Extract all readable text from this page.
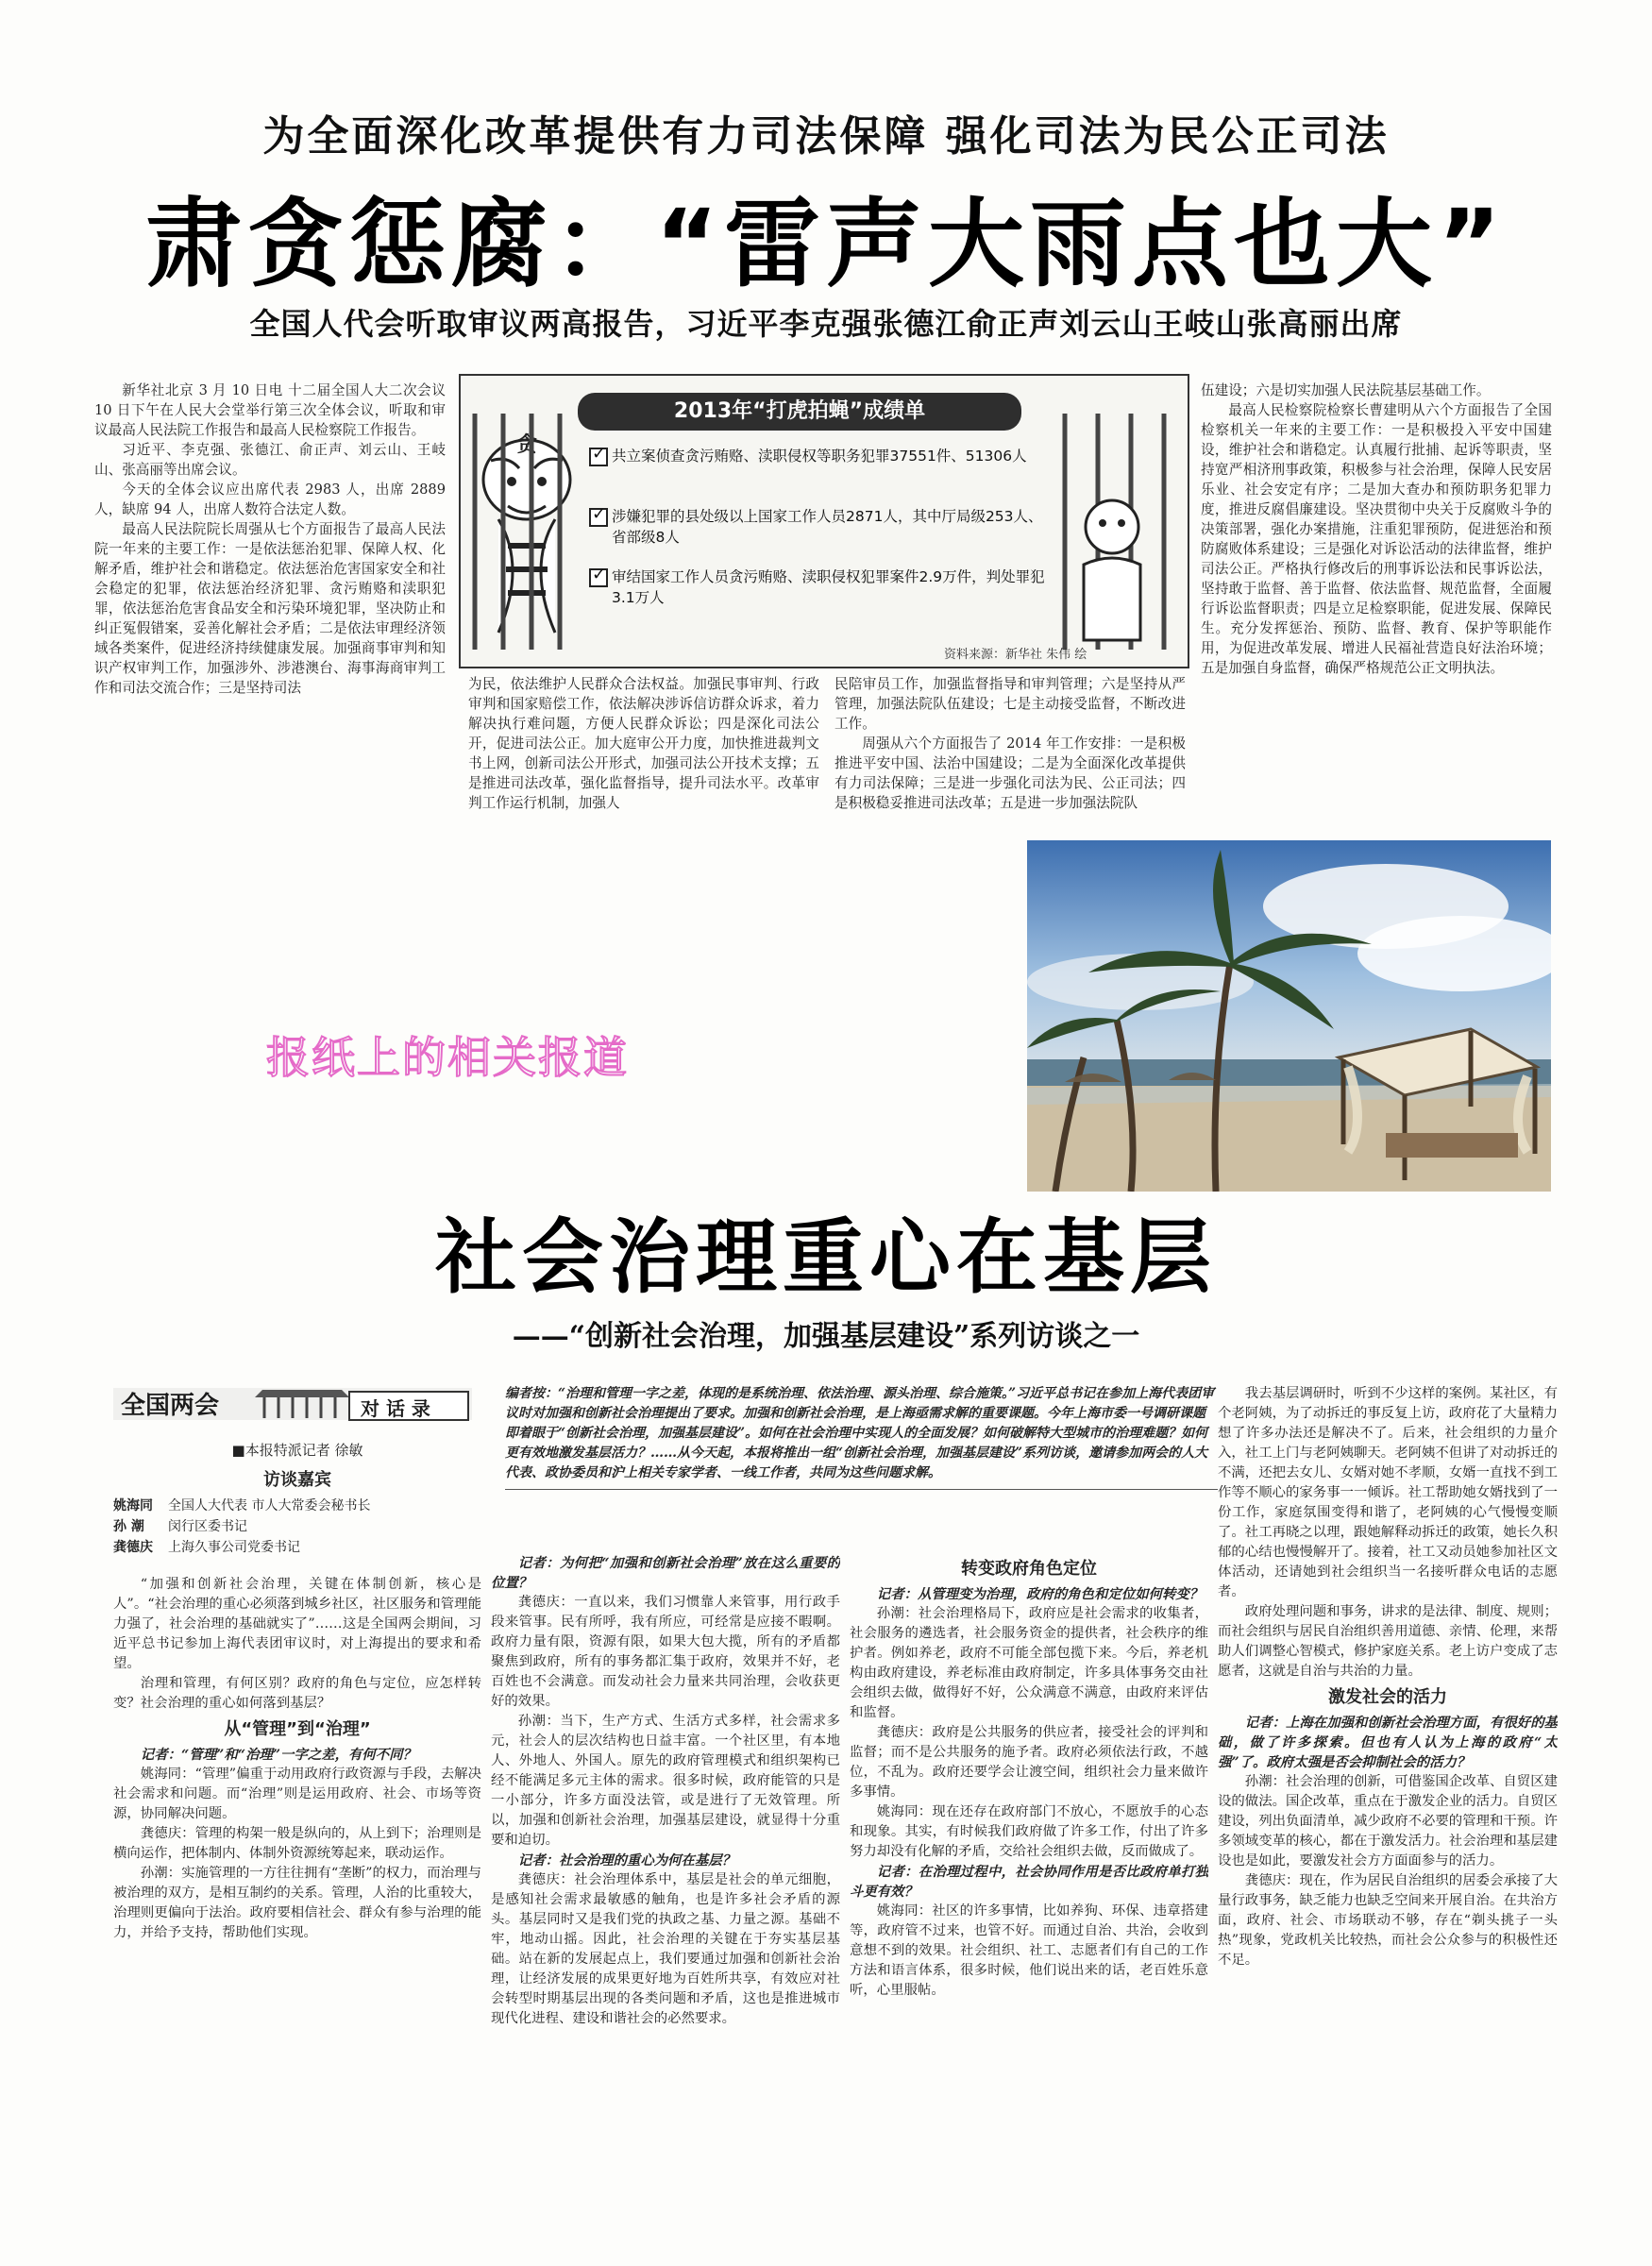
为全面深化改革提供有力司法保障 强化司法为民公正司法
肃贪惩腐：“雷声大雨点也大”
全国人代会听取审议两高报告，习近平李克强张德江俞正声刘云山王岐山张高丽出席

新华社北京 3 月 10 日电 十二届全国人大二次会议 10 日下午在人民大会堂举行第三次全体会议，听取和审议最高人民法院工作报告和最高人民检察院工作报告。

习近平、李克强、张德江、俞正声、刘云山、王岐山、张高丽等出席会议。

今天的全体会议应出席代表 2983 人，出席 2889 人，缺席 94 人，出席人数符合法定人数。

最高人民法院院长周强从七个方面报告了最高人民法院一年来的主要工作：一是依法惩治犯罪、保障人权、化解矛盾，维护社会和谐稳定。依法惩治危害国家安全和社会稳定的犯罪，依法惩治经济犯罪、贪污贿赂和渎职犯罪，依法惩治危害食品安全和污染环境犯罪，坚决防止和纠正冤假错案，妥善化解社会矛盾；二是依法审理经济领域各类案件，促进经济持续健康发展。加强商事审判和知识产权审判工作，加强涉外、涉港澳台、海事海商审判工作和司法交流合作；三是坚持司法

贪
2013年“打虎拍蝇”成绩单
✓
共立案侦查贪污贿赂、渎职侵权等职务犯罪37551件、51306人
✓
涉嫌犯罪的县处级以上国家工作人员2871人，其中厅局级253人、省部级8人
✓
审结国家工作人员贪污贿赂、渎职侵权犯罪案件2.9万件，判处罪犯3.1万人
资料来源：新华社 朱伟 绘

为民，依法维护人民群众合法权益。加强民事审判、行政审判和国家赔偿工作，依法解决涉诉信访群众诉求，着力解决执行难问题，方便人民群众诉讼；四是深化司法公开，促进司法公正。加大庭审公开力度，加快推进裁判文书上网，创新司法公开形式，加强司法公开技术支撑；五是推进司法改革，强化监督指导，提升司法水平。改革审判工作运行机制，加强人

民陪审员工作，加强监督指导和审判管理；六是坚持从严管理，加强法院队伍建设；七是主动接受监督，不断改进工作。

周强从六个方面报告了 2014 年工作安排：一是积极推进平安中国、法治中国建设；二是为全面深化改革提供有力司法保障；三是进一步强化司法为民、公正司法；四是积极稳妥推进司法改革；五是进一步加强法院队

伍建设；六是切实加强人民法院基层基础工作。

最高人民检察院检察长曹建明从六个方面报告了全国检察机关一年来的主要工作：一是积极投入平安中国建设，维护社会和谐稳定。认真履行批捕、起诉等职责，坚持宽严相济刑事政策，积极参与社会治理，保障人民安居乐业、社会安定有序；二是加大查办和预防职务犯罪力度，推进反腐倡廉建设。坚决贯彻中央关于反腐败斗争的决策部署，强化办案措施，注重犯罪预防，促进惩治和预防腐败体系建设；三是强化对诉讼活动的法律监督，维护司法公正。严格执行修改后的刑事诉讼法和民事诉讼法，坚持敢于监督、善于监督、依法监督、规范监督，全面履行诉讼监督职责；四是立足检察职能，促进发展、保障民生。充分发挥惩治、预防、监督、教育、保护等职能作用，为促进改革发展、增进人民福祉营造良好法治环境；五是加强自身监督，确保严格规范公正文明执法。

报纸上的相关报道
社会治理重心在基层
——“创新社会治理，加强基层建设”系列访谈之一
全国两会	对 话 录

■本报特派记者 徐敏

访谈嘉宾

姚海同 全国人大代表 市人大常委会秘书长

孙 潮 闵行区委书记

龚德庆 上海久事公司党委书记

“加强和创新社会治理，关键在体制创新，核心是人”。“社会治理的重心必须落到城乡社区，社区服务和管理能力强了，社会治理的基础就实了”……这是全国两会期间，习近平总书记参加上海代表团审议时，对上海提出的要求和希望。

治理和管理，有何区别？政府的角色与定位，应怎样转变？社会治理的重心如何落到基层？

从“管理”到“治理”

记者：“管理”和“治理”一字之差，有何不同？

姚海同：“管理”偏重于动用政府行政资源与手段，去解决社会需求和问题。而“治理”则是运用政府、社会、市场等资源，协同解决问题。

龚德庆：管理的构架一般是纵向的，从上到下；治理则是横向运作，把体制内、体制外资源统筹起来，联动运作。

孙潮：实施管理的一方往往拥有“垄断”的权力，而治理与被治理的双方，是相互制约的关系。管理，人治的比重较大，治理则更偏向于法治。政府要相信社会、群众有参与治理的能力，并给予支持，帮助他们实现。

编者按：“治理和管理一字之差，体现的是系统治理、依法治理、源头治理、综合施策。”习近平总书记在参加上海代表团审议时对加强和创新社会治理提出了要求。加强和创新社会治理，是上海亟需求解的重要课题。今年上海市委一号调研课题即着眼于“创新社会治理，加强基层建设”。如何在社会治理中实现人的全面发展？如何破解特大型城市的治理难题？如何更有效地激发基层活力？……从今天起，本报将推出一组“创新社会治理，加强基层建设”系列访谈，邀请参加两会的人大代表、政协委员和沪上相关专家学者、一线工作者，共同为这些问题求解。

记者：为何把“加强和创新社会治理”放在这么重要的位置？

龚德庆：一直以来，我们习惯靠人来管事，用行政手段来管事。民有所呼，我有所应，可经常是应接不暇啊。政府力量有限，资源有限，如果大包大揽，所有的矛盾都聚焦到政府，所有的事务都汇集于政府，效果并不好，老百姓也不会满意。而发动社会力量来共同治理，会收获更好的效果。

孙潮：当下，生产方式、生活方式多样，社会需求多元，社会人的层次结构也日益丰富。一个社区里，有本地人、外地人、外国人。原先的政府管理模式和组织架构已经不能满足多元主体的需求。很多时候，政府能管的只是一小部分，许多方面没法管，或是进行了无效管理。所以，加强和创新社会治理，加强基层建设，就显得十分重要和迫切。

记者：社会治理的重心为何在基层？

龚德庆：社会治理体系中，基层是社会的单元细胞，是感知社会需求最敏感的触角，也是许多社会矛盾的源头。基层同时又是我们党的执政之基、力量之源。基础不牢，地动山摇。因此，社会治理的关键在于夯实基层基础。站在新的发展起点上，我们要通过加强和创新社会治理，让经济发展的成果更好地为百姓所共享，有效应对社会转型时期基层出现的各类问题和矛盾，这也是推进城市现代化进程、建设和谐社会的必然要求。

转变政府角色定位

记者：从管理变为治理，政府的角色和定位如何转变？

孙潮：社会治理格局下，政府应是社会需求的收集者，社会服务的遴选者，社会服务资金的提供者，社会秩序的维护者。例如养老，政府不可能全部包揽下来。今后，养老机构由政府建设，养老标准由政府制定，许多具体事务交由社会组织去做，做得好不好，公众满意不满意，由政府来评估和监督。

龚德庆：政府是公共服务的供应者，接受社会的评判和监督；而不是公共服务的施予者。政府必须依法行政，不越位，不乱为。政府还要学会让渡空间，组织社会力量来做许多事情。

姚海同：现在还存在政府部门不放心，不愿放手的心态和现象。其实，有时候我们政府做了许多工作，付出了许多努力却没有化解的矛盾，交给社会组织去做，反而做成了。

记者：在治理过程中，社会协同作用是否比政府单打独斗更有效？

姚海同：社区的许多事情，比如养狗、环保、违章搭建等，政府管不过来，也管不好。而通过自治、共治，会收到意想不到的效果。社会组织、社工、志愿者们有自己的工作方法和语言体系，很多时候，他们说出来的话，老百姓乐意听，心里服帖。

我去基层调研时，听到不少这样的案例。某社区，有个老阿姨，为了动拆迁的事反复上访，政府花了大量精力想了许多办法还是解决不了。后来，社会组织的力量介入，社工上门与老阿姨聊天。老阿姨不但讲了对动拆迁的不满，还把去女儿、女婿对她不孝顺，女婿一直找不到工作等不顺心的家务事一一倾诉。社工帮助她女婿找到了一份工作，家庭氛围变得和谐了，老阿姨的心气慢慢变顺了。社工再晓之以理，跟她解释动拆迁的政策，她长久积郁的心结也慢慢解开了。接着，社工又动员她参加社区文体活动，还请她到社会组织当一名接听群众电话的志愿者。

政府处理问题和事务，讲求的是法律、制度、规则；而社会组织与居民自治组织善用道德、亲情、伦理，来帮助人们调整心智模式，修护家庭关系。老上访户变成了志愿者，这就是自治与共治的力量。

激发社会的活力

记者：上海在加强和创新社会治理方面，有很好的基础，做了许多探索。但也有人认为上海的政府“太强”了。政府太强是否会抑制社会的活力？

孙潮：社会治理的创新，可借鉴国企改革、自贸区建设的做法。国企改革，重点在于激发企业的活力。自贸区建设，列出负面清单，减少政府不必要的管理和干预。许多领域变革的核心，都在于激发活力。社会治理和基层建设也是如此，要激发社会方方面面参与的活力。

龚德庆：现在，作为居民自治组织的居委会承接了大量行政事务，缺乏能力也缺乏空间来开展自治。在共治方面，政府、社会、市场联动不够，存在“剃头挑子一头热”现象，党政机关比较热，而社会公众参与的积极性还不足。
